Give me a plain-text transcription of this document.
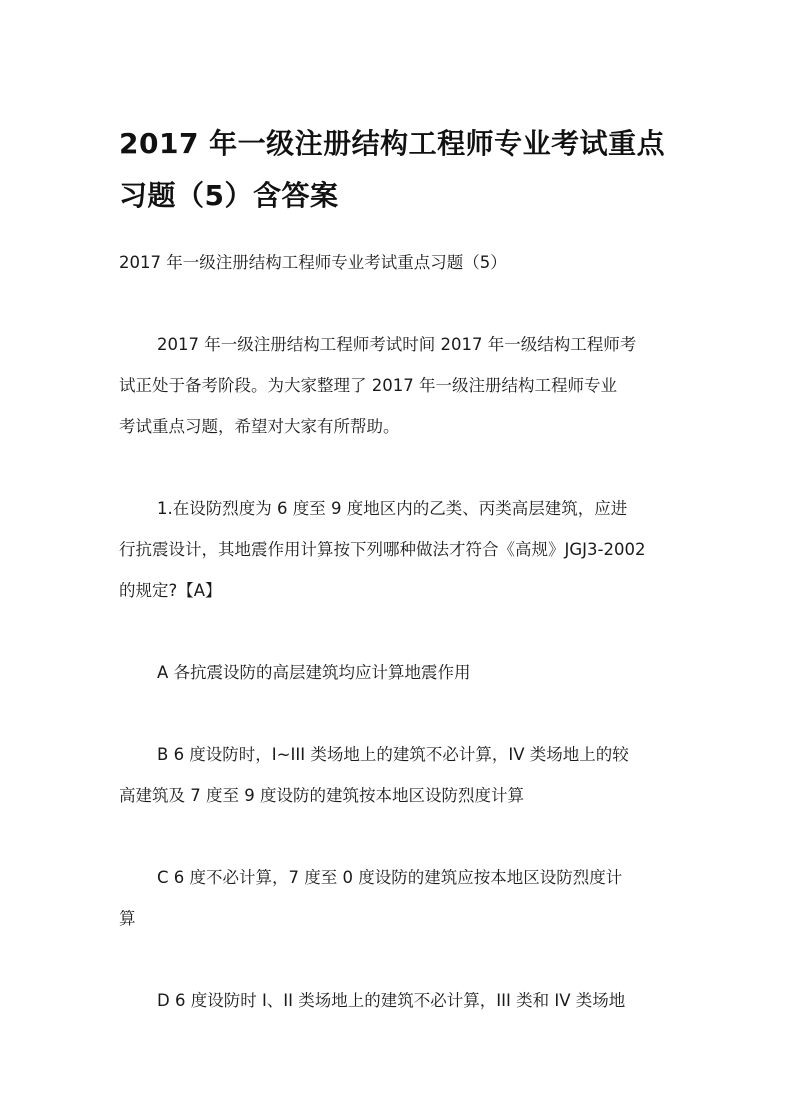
2017 年一级注册结构工程师专业考试重点
习题（5）含答案
2017 年一级注册结构工程师专业考试重点习题（5）
2017 年一级注册结构工程师考试时间 2017 年一级结构工程师考
试正处于备考阶段。为大家整理了 2017 年一级注册结构工程师专业
考试重点习题，希望对大家有所帮助。
1.在设防烈度为 6 度至 9 度地区内的乙类、丙类高层建筑，应进
行抗震设计，其地震作用计算按下列哪种做法才符合《高规》JGJ3-2002
的规定?【A】
A 各抗震设防的高层建筑均应计算地震作用
B 6 度设防时，I~III 类场地上的建筑不必计算，IV 类场地上的较
高建筑及 7 度至 9 度设防的建筑按本地区设防烈度计算
C 6 度不必计算，7 度至 0 度设防的建筑应按本地区设防烈度计
算
D 6 度设防时 I、II 类场地上的建筑不必计算，III 类和 IV 类场地
